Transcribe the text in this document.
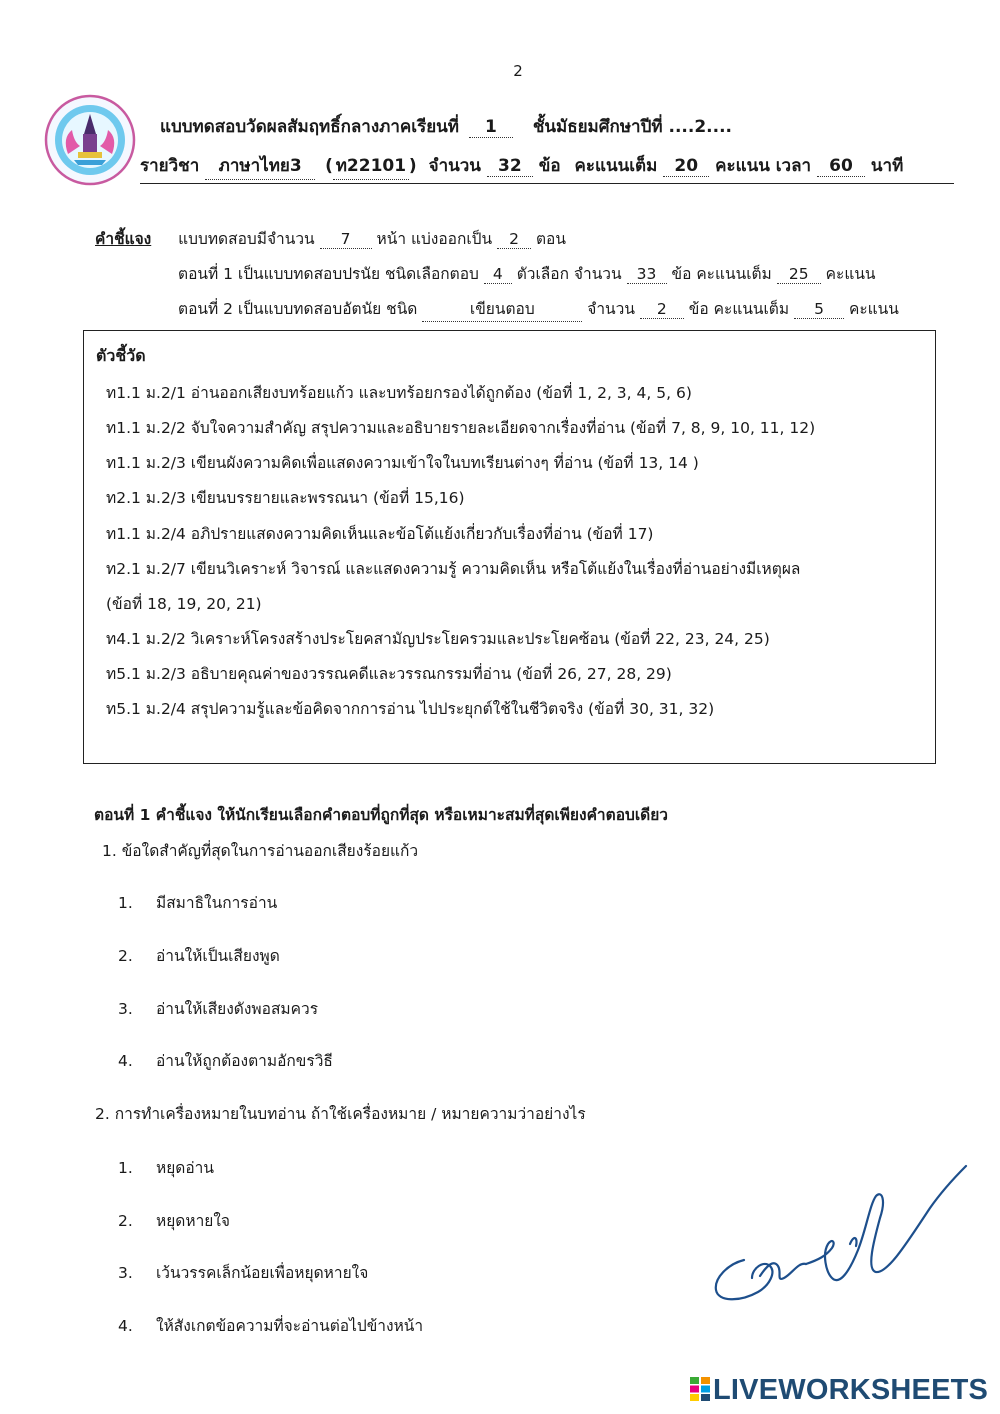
2
แบบทดสอบวัดผลสัมฤทธิ์กลางภาคเรียนที่ 1 ชั้นมัธยมศึกษาปีที่ ....2....
รายวิชา ภาษาไทย3 ( ท22101 ) จำนวน 32 ข้อ คะแนนเต็ม 20 คะแนน เวลา 60 นาที
คำชี้แจง แบบทดสอบมีจำนวน 7 หน้า แบ่งออกเป็น 2 ตอน
ตอนที่ 1 เป็นแบบทดสอบปรนัย ชนิดเลือกตอบ 4 ตัวเลือก จำนวน 33 ข้อ คะแนนเต็ม 25 คะแนน
ตอนที่ 2 เป็นแบบทดสอบอัตนัย ชนิด	เขียนตอบ	จำนวน 2 ข้อ คะแนนเต็ม 5 คะแนน
ตัวชี้วัด
ท1.1 ม.2/1 อ่านออกเสียงบทร้อยแก้ว และบทร้อยกรองได้ถูกต้อง (ข้อที่ 1, 2, 3, 4, 5, 6)
ท1.1 ม.2/2 จับใจความสำคัญ สรุปความและอธิบายรายละเอียดจากเรื่องที่อ่าน (ข้อที่ 7, 8, 9, 10, 11, 12)
ท1.1 ม.2/3 เขียนผังความคิดเพื่อแสดงความเข้าใจในบทเรียนต่างๆ ที่อ่าน (ข้อที่ 13, 14 )
ท2.1 ม.2/3 เขียนบรรยายและพรรณนา (ข้อที่ 15,16)
ท1.1 ม.2/4 อภิปรายแสดงความคิดเห็นและข้อโต้แย้งเกี่ยวกับเรื่องที่อ่าน (ข้อที่ 17)
ท2.1 ม.2/7 เขียนวิเคราะห์ วิจารณ์ และแสดงความรู้ ความคิดเห็น หรือโต้แย้งในเรื่องที่อ่านอย่างมีเหตุผล
(ข้อที่ 18, 19, 20, 21)
ท4.1 ม.2/2 วิเคราะห์โครงสร้างประโยคสามัญประโยครวมและประโยคซ้อน (ข้อที่ 22, 23, 24, 25)
ท5.1 ม.2/3 อธิบายคุณค่าของวรรณคดีและวรรณกรรมที่อ่าน (ข้อที่ 26, 27, 28, 29)
ท5.1 ม.2/4 สรุปความรู้และข้อคิดจากการอ่าน ไปประยุกต์ใช้ในชีวิตจริง (ข้อที่ 30, 31, 32)
ตอนที่ 1 คำชี้แจง ให้นักเรียนเลือกคำตอบที่ถูกที่สุด หรือเหมาะสมที่สุดเพียงคำตอบเดียว
1. ข้อใดสำคัญที่สุดในการอ่านออกเสียงร้อยแก้ว
1. มีสมาธิในการอ่าน
2. อ่านให้เป็นเสียงพูด
3. อ่านให้เสียงดังพอสมควร
4. อ่านให้ถูกต้องตามอักขรวิธี
2. การทำเครื่องหมายในบทอ่าน ถ้าใช้เครื่องหมาย / หมายความว่าอย่างไร
1. หยุดอ่าน
2. หยุดหายใจ
3. เว้นวรรคเล็กน้อยเพื่อหยุดหายใจ
4. ให้สังเกตข้อความที่จะอ่านต่อไปข้างหน้า
LIVEWORKSHEETS
